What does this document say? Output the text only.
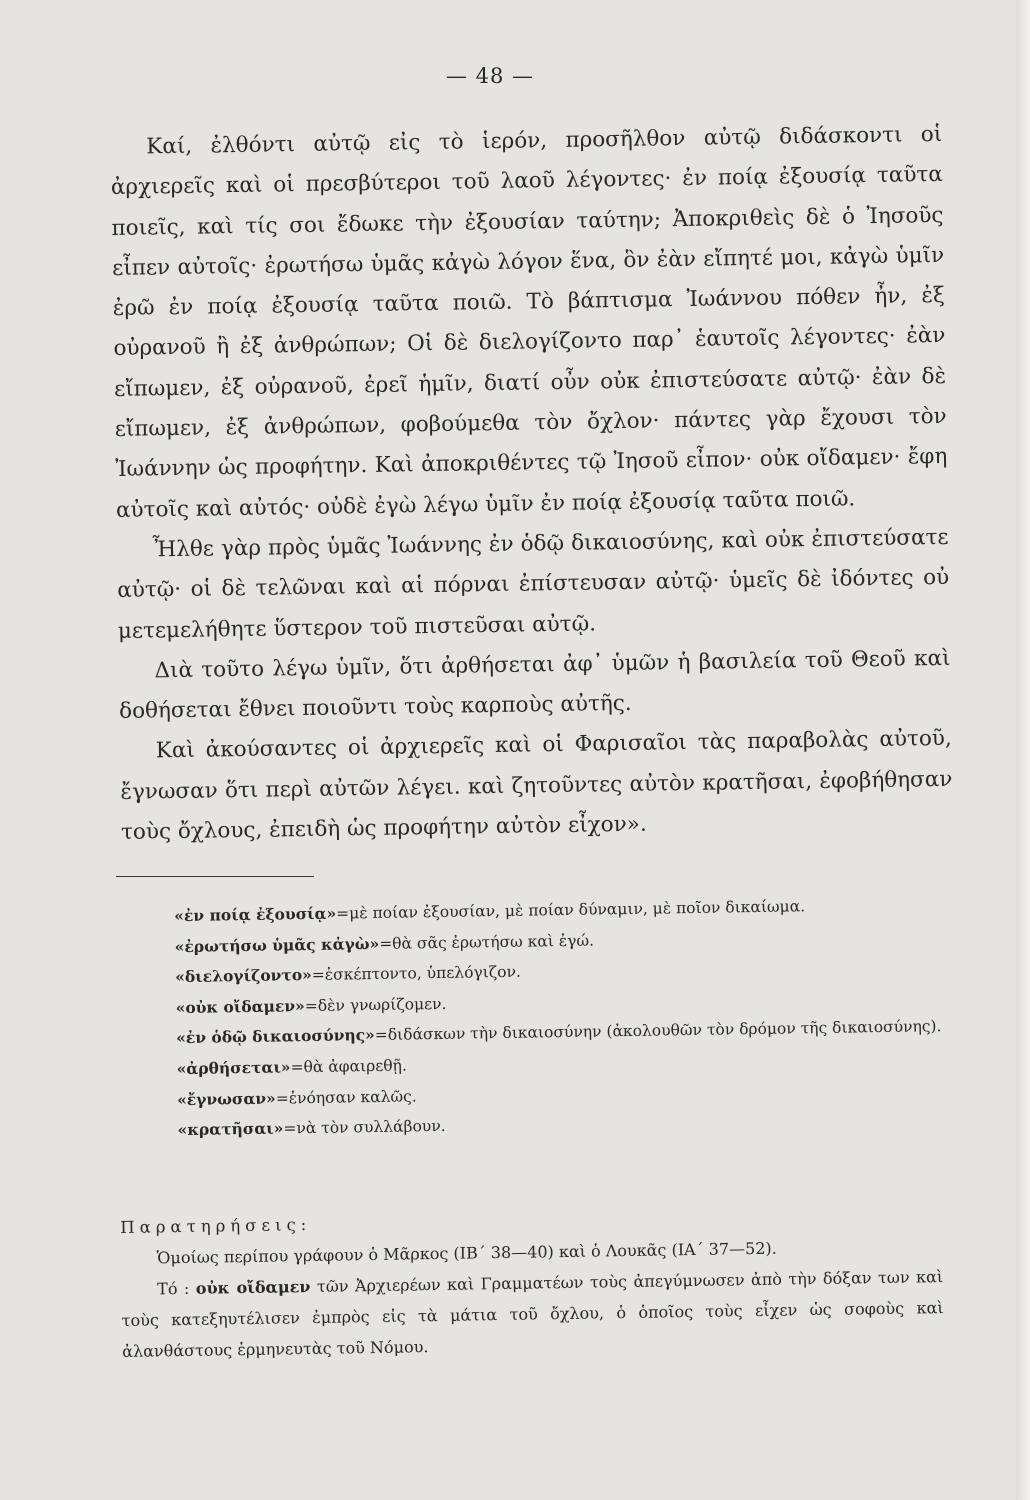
— 48 —

Καί, ἐλθόντι αὐτῷ εἰς τὸ ἱερόν, προσῆλθον αὐτῷ διδάσκοντι οἱ ἀρχιερεῖς καὶ οἱ πρεσβύτεροι τοῦ λαοῦ λέγοντες· ἐν ποίᾳ ἐξουσίᾳ ταῦτα ποιεῖς, καὶ τίς σοι ἔδωκε τὴν ἐξουσίαν ταύτην; Ἀποκριθεὶς δὲ ὁ Ἰησοῦς εἶπεν αὐτοῖς· ἐρωτήσω ὑμᾶς κἀγὼ λόγον ἕνα, ὃν ἐὰν εἴπητέ μοι, κἀγὼ ὑμῖν ἐρῶ ἐν ποίᾳ ἐξουσίᾳ ταῦτα ποιῶ. Τὸ βάπτισμα Ἰωάννου πόθεν ἦν, ἐξ οὐρανοῦ ἢ ἐξ ἀνθρώπων; Οἱ δὲ διελογίζοντο παρ᾽ ἑαυτοῖς λέγοντες· ἐὰν εἴπωμεν, ἐξ οὐρανοῦ, ἐρεῖ ἡμῖν, διατί οὖν οὐκ ἐπιστεύσατε αὐτῷ· ἐὰν δὲ εἴπωμεν, ἐξ ἀνθρώπων, φοβούμεθα τὸν ὄχλον· πάντες γὰρ ἔχουσι τὸν Ἰωάννην ὡς προφήτην. Καὶ ἀποκριθέντες τῷ Ἰησοῦ εἶπον· οὐκ οἴδαμεν· ἔφη αὐτοῖς καὶ αὐτός· οὐδὲ ἐγὼ λέγω ὑμῖν ἐν ποίᾳ ἐξουσίᾳ ταῦτα ποιῶ.

Ἦλθε γὰρ πρὸς ὑμᾶς Ἰωάννης ἐν ὁδῷ δικαιοσύνης, καὶ οὐκ ἐπιστεύσατε αὐτῷ· οἱ δὲ τελῶναι καὶ αἱ πόρναι ἐπίστευσαν αὐτῷ· ὑμεῖς δὲ ἰδόντες οὐ μετεμελήθητε ὕστερον τοῦ πιστεῦσαι αὐτῷ.

Διὰ τοῦτο λέγω ὑμῖν, ὅτι ἀρθήσεται ἀφ᾽ ὑμῶν ἡ βασιλεία τοῦ Θεοῦ καὶ δοθήσεται ἔθνει ποιοῦντι τοὺς καρποὺς αὐτῆς.

Καὶ ἀκούσαντες οἱ ἀρχιερεῖς καὶ οἱ Φαρισαῖοι τὰς παραβολὰς αὐτοῦ, ἔγνωσαν ὅτι περὶ αὐτῶν λέγει. καὶ ζητοῦντες αὐτὸν κρατῆσαι, ἐφοβήθησαν τοὺς ὄχλους, ἐπειδὴ ὡς προφήτην αὐτὸν εἶχον».

«ἐν ποίᾳ ἐξουσίᾳ»=μὲ ποίαν ἐξουσίαν, μὲ ποίαν δύναμιν, μὲ ποῖον δικαίωμα.

«ἐρωτήσω ὑμᾶς κἀγὼ»=θὰ σᾶς ἐρωτήσω καὶ ἐγώ.

«διελογίζοντο»=ἐσκέπτοντο, ὑπελόγιζον.

«οὐκ οἴδαμεν»=δὲν γνωρίζομεν.

«ἐν ὁδῷ δικαιοσύνης»=διδάσκων τὴν δικαιοσύνην (ἀκολουθῶν τὸν δρόμον τῆς δικαιοσύνης).

«ἀρθήσεται»=θὰ ἀφαιρεθῇ.

«ἔγνωσαν»=ἐνόησαν καλῶς.

«κρατῆσαι»=νὰ τὸν συλλάβουν.

Παρατηρήσεις:

Ὁμοίως περίπου γράφουν ὁ Μᾶρκος (ΙΒ´ 38—40) καὶ ὁ Λουκᾶς (ΙΑ´ 37—52).

Τό : οὐκ οἴδαμεν τῶν Ἀρχιερέων καὶ Γραμματέων τοὺς ἀπεγύμνωσεν ἀπὸ τὴν δόξαν των καὶ τοὺς κατεξηυτέλισεν ἐμπρὸς εἰς τὰ μάτια τοῦ ὄχλου, ὁ ὁποῖος τοὺς εἶχεν ὡς σοφοὺς καὶ ἀλανθάστους ἑρμηνευτὰς τοῦ Νόμου.
